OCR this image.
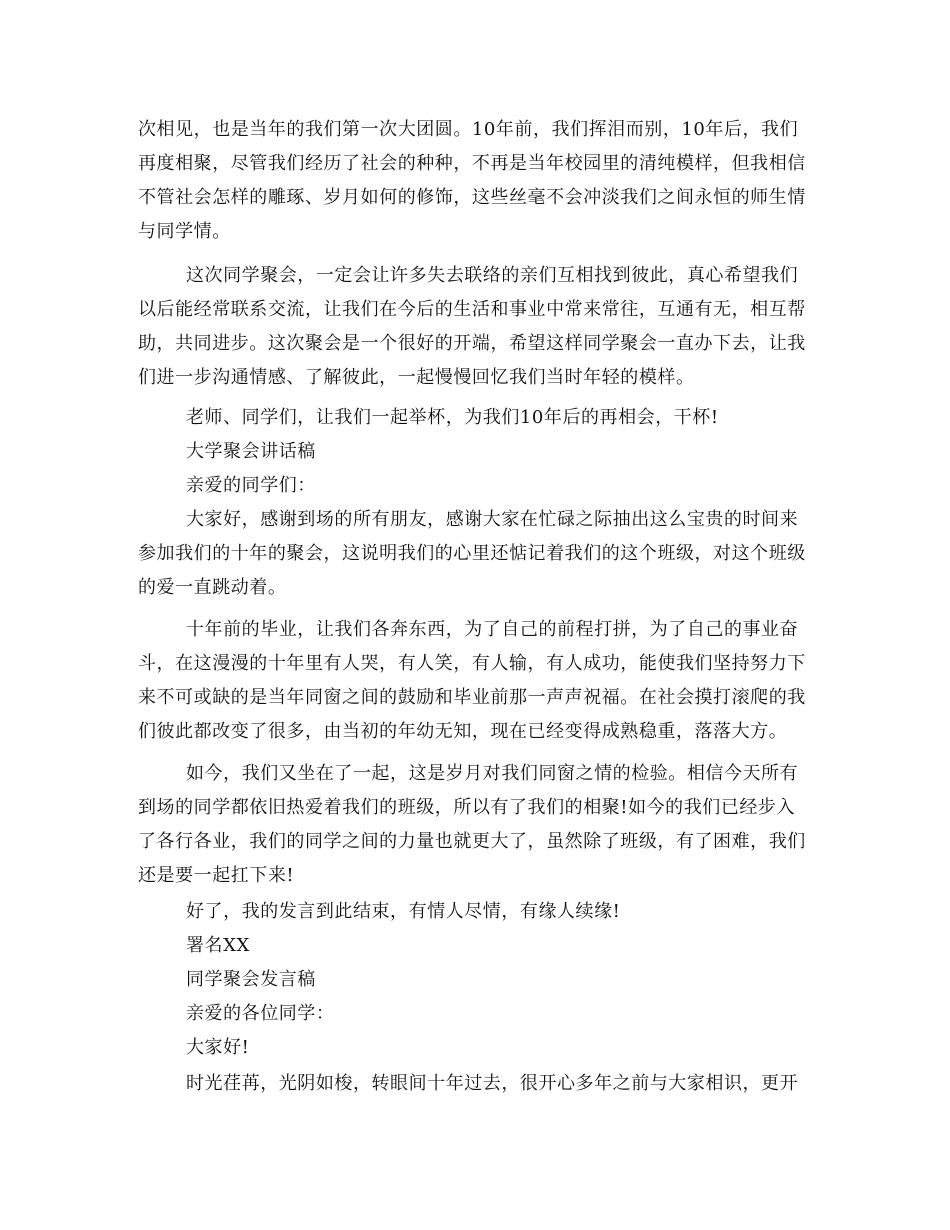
次相见，也是当年的我们第一次大团圆。10年前，我们挥泪而别，10年后，我们
再度相聚，尽管我们经历了社会的种种，不再是当年校园里的清纯模样，但我相信
不管社会怎样的雕琢、岁月如何的修饰，这些丝毫不会冲淡我们之间永恒的师生情
与同学情。
这次同学聚会，一定会让许多失去联络的亲们互相找到彼此，真心希望我们
以后能经常联系交流，让我们在今后的生活和事业中常来常往，互通有无，相互帮
助，共同进步。这次聚会是一个很好的开端，希望这样同学聚会一直办下去，让我
们进一步沟通情感、了解彼此，一起慢慢回忆我们当时年轻的模样。
老师、同学们，让我们一起举杯，为我们10年后的再相会，干杯!
大学聚会讲话稿
亲爱的同学们：
大家好，感谢到场的所有朋友，感谢大家在忙碌之际抽出这么宝贵的时间来
参加我们的十年的聚会，这说明我们的心里还惦记着我们的这个班级，对这个班级
的爱一直跳动着。
十年前的毕业，让我们各奔东西，为了自己的前程打拼，为了自己的事业奋
斗，在这漫漫的十年里有人哭，有人笑，有人输，有人成功，能使我们坚持努力下
来不可或缺的是当年同窗之间的鼓励和毕业前那一声声祝福。在社会摸打滚爬的我
们彼此都改变了很多，由当初的年幼无知，现在已经变得成熟稳重，落落大方。
如今，我们又坐在了一起，这是岁月对我们同窗之情的检验。相信今天所有
到场的同学都依旧热爱着我们的班级，所以有了我们的相聚!如今的我们已经步入
了各行各业，我们的同学之间的力量也就更大了，虽然除了班级，有了困难，我们
还是要一起扛下来!
好了，我的发言到此结束，有情人尽情，有缘人续缘!
署名XX
同学聚会发言稿
亲爱的各位同学：
大家好!
时光荏苒，光阴如梭，转眼间十年过去，很开心多年之前与大家相识，更开
